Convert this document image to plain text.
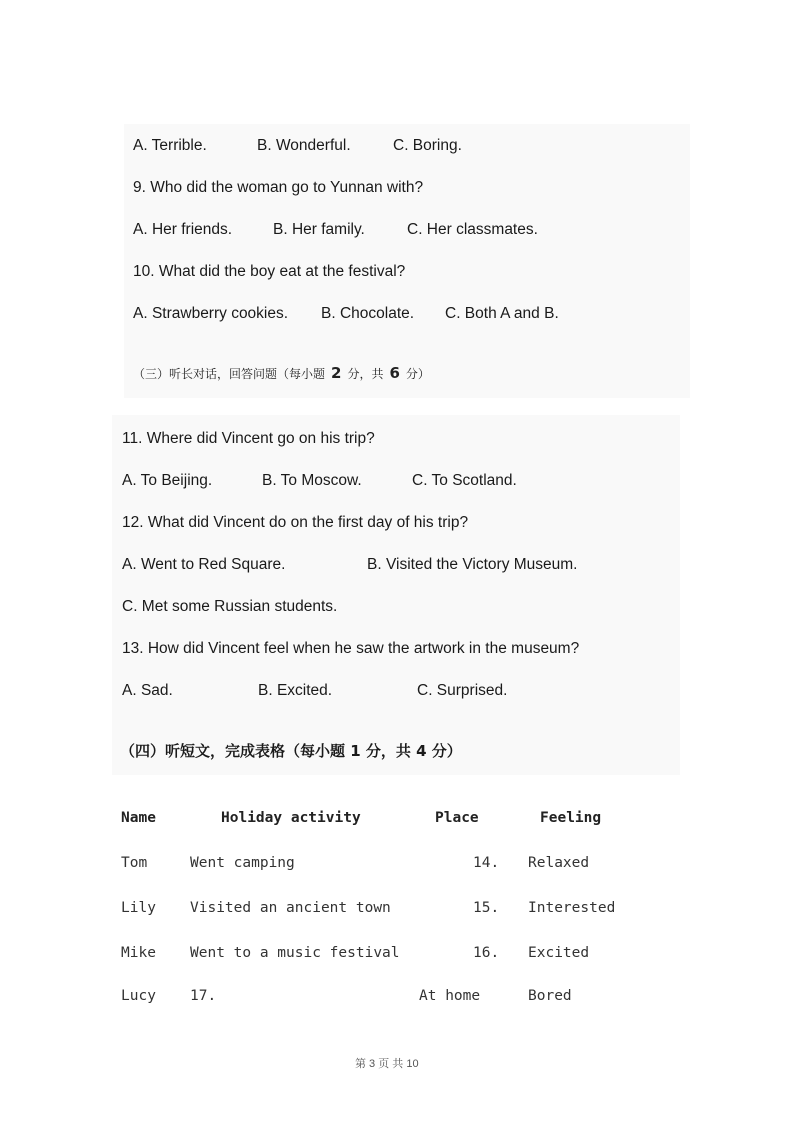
A. Terrible.	B. Wonderful.	C. Boring.
9. Who did the woman go to Yunnan with?
A. Her friends.	B. Her family.	C. Her classmates.
10. What did the boy eat at the festival?
A. Strawberry cookies. B. Chocolate. C. Both A and B.
（三）听长对话，回答问题（每小题 2 分，共 6 分）
11. Where did Vincent go on his trip?
A. To Beijing.	B. To Moscow.	C. To Scotland.
12. What did Vincent do on the first day of his trip?
A. Went to Red Square.	B. Visited the Victory Museum.
C. Met some Russian students.
13. How did Vincent feel when he saw the artwork in the museum?
A. Sad.	B. Excited.	C. Surprised.
（四）听短文，完成表格（每小题 1 分，共 4 分）
Name	Holiday activity	Place	Feeling
Tom	Went camping	14. Relaxed
Lily Visited an ancient town	15. Interested
Mike Went to a music festival	16. Excited
Lucy 17.	At home	Bored
第 3 页 共 10
